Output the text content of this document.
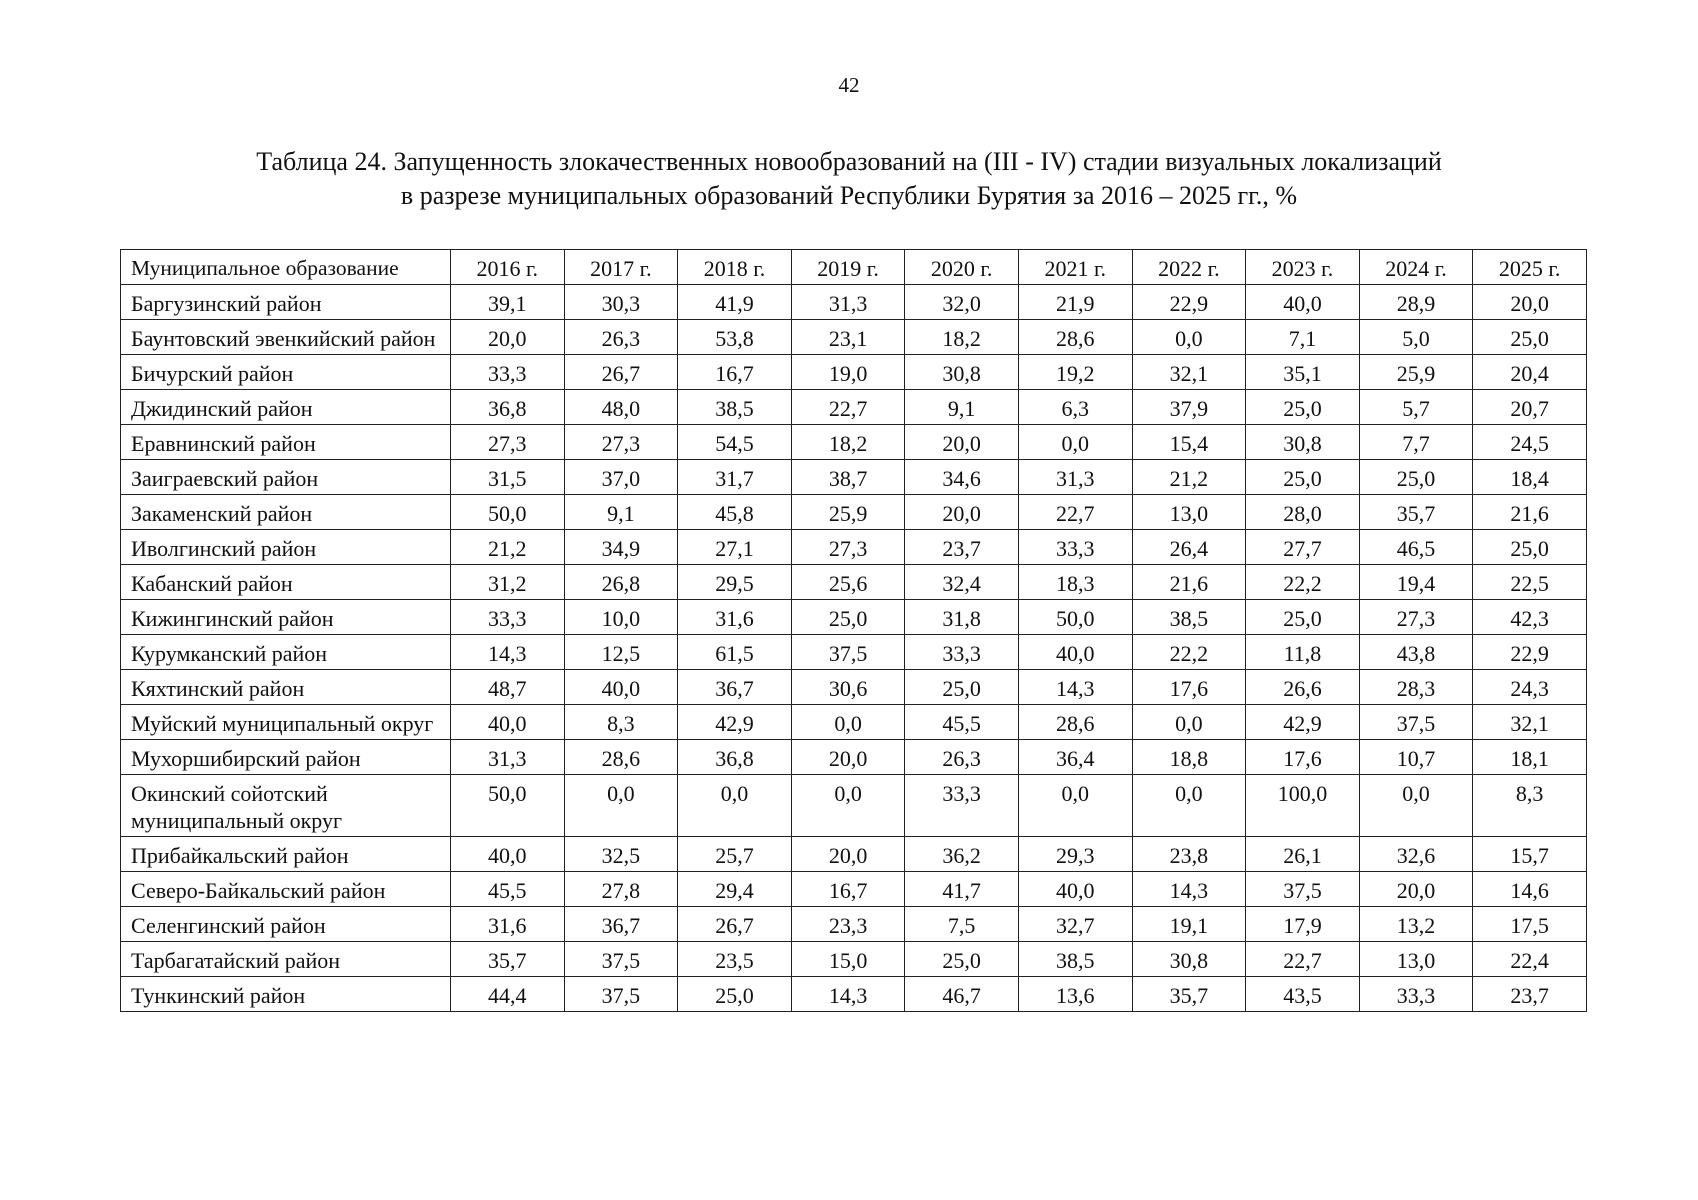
42
Таблица 24. Запущенность злокачественных новообразований на (III - IV) стадии визуальных локализаций
в разрезе муниципальных образований Республики Бурятия за 2016 – 2025 гг., %
Муниципальное образование	2016 г.	2017 г.	2018 г.	2019 г.	2020 г.	2021 г.	2022 г.	2023 г.	2024 г.	2025 г.
Баргузинский район	39,1	30,3	41,9	31,3	32,0	21,9	22,9	40,0	28,9	20,0
Баунтовский эвенкийский район	20,0	26,3	53,8	23,1	18,2	28,6	0,0	7,1	5,0	25,0
Бичурский район	33,3	26,7	16,7	19,0	30,8	19,2	32,1	35,1	25,9	20,4
Джидинский район	36,8	48,0	38,5	22,7	9,1	6,3	37,9	25,0	5,7	20,7
Еравнинский район	27,3	27,3	54,5	18,2	20,0	0,0	15,4	30,8	7,7	24,5
Заиграевский район	31,5	37,0	31,7	38,7	34,6	31,3	21,2	25,0	25,0	18,4
Закаменский район	50,0	9,1	45,8	25,9	20,0	22,7	13,0	28,0	35,7	21,6
Иволгинский район	21,2	34,9	27,1	27,3	23,7	33,3	26,4	27,7	46,5	25,0
Кабанский район	31,2	26,8	29,5	25,6	32,4	18,3	21,6	22,2	19,4	22,5
Кижингинский район	33,3	10,0	31,6	25,0	31,8	50,0	38,5	25,0	27,3	42,3
Курумканский район	14,3	12,5	61,5	37,5	33,3	40,0	22,2	11,8	43,8	22,9
Кяхтинский район	48,7	40,0	36,7	30,6	25,0	14,3	17,6	26,6	28,3	24,3
Муйский муниципальный округ	40,0	8,3	42,9	0,0	45,5	28,6	0,0	42,9	37,5	32,1
Мухоршибирский район	31,3	28,6	36,8	20,0	26,3	36,4	18,8	17,6	10,7	18,1
Окинский сойотский муниципальный округ	50,0	0,0	0,0	0,0	33,3	0,0	0,0	100,0	0,0	8,3
Прибайкальский район	40,0	32,5	25,7	20,0	36,2	29,3	23,8	26,1	32,6	15,7
Северо-Байкальский район	45,5	27,8	29,4	16,7	41,7	40,0	14,3	37,5	20,0	14,6
Селенгинский район	31,6	36,7	26,7	23,3	7,5	32,7	19,1	17,9	13,2	17,5
Тарбагатайский район	35,7	37,5	23,5	15,0	25,0	38,5	30,8	22,7	13,0	22,4
Тункинский район	44,4	37,5	25,0	14,3	46,7	13,6	35,7	43,5	33,3	23,7
